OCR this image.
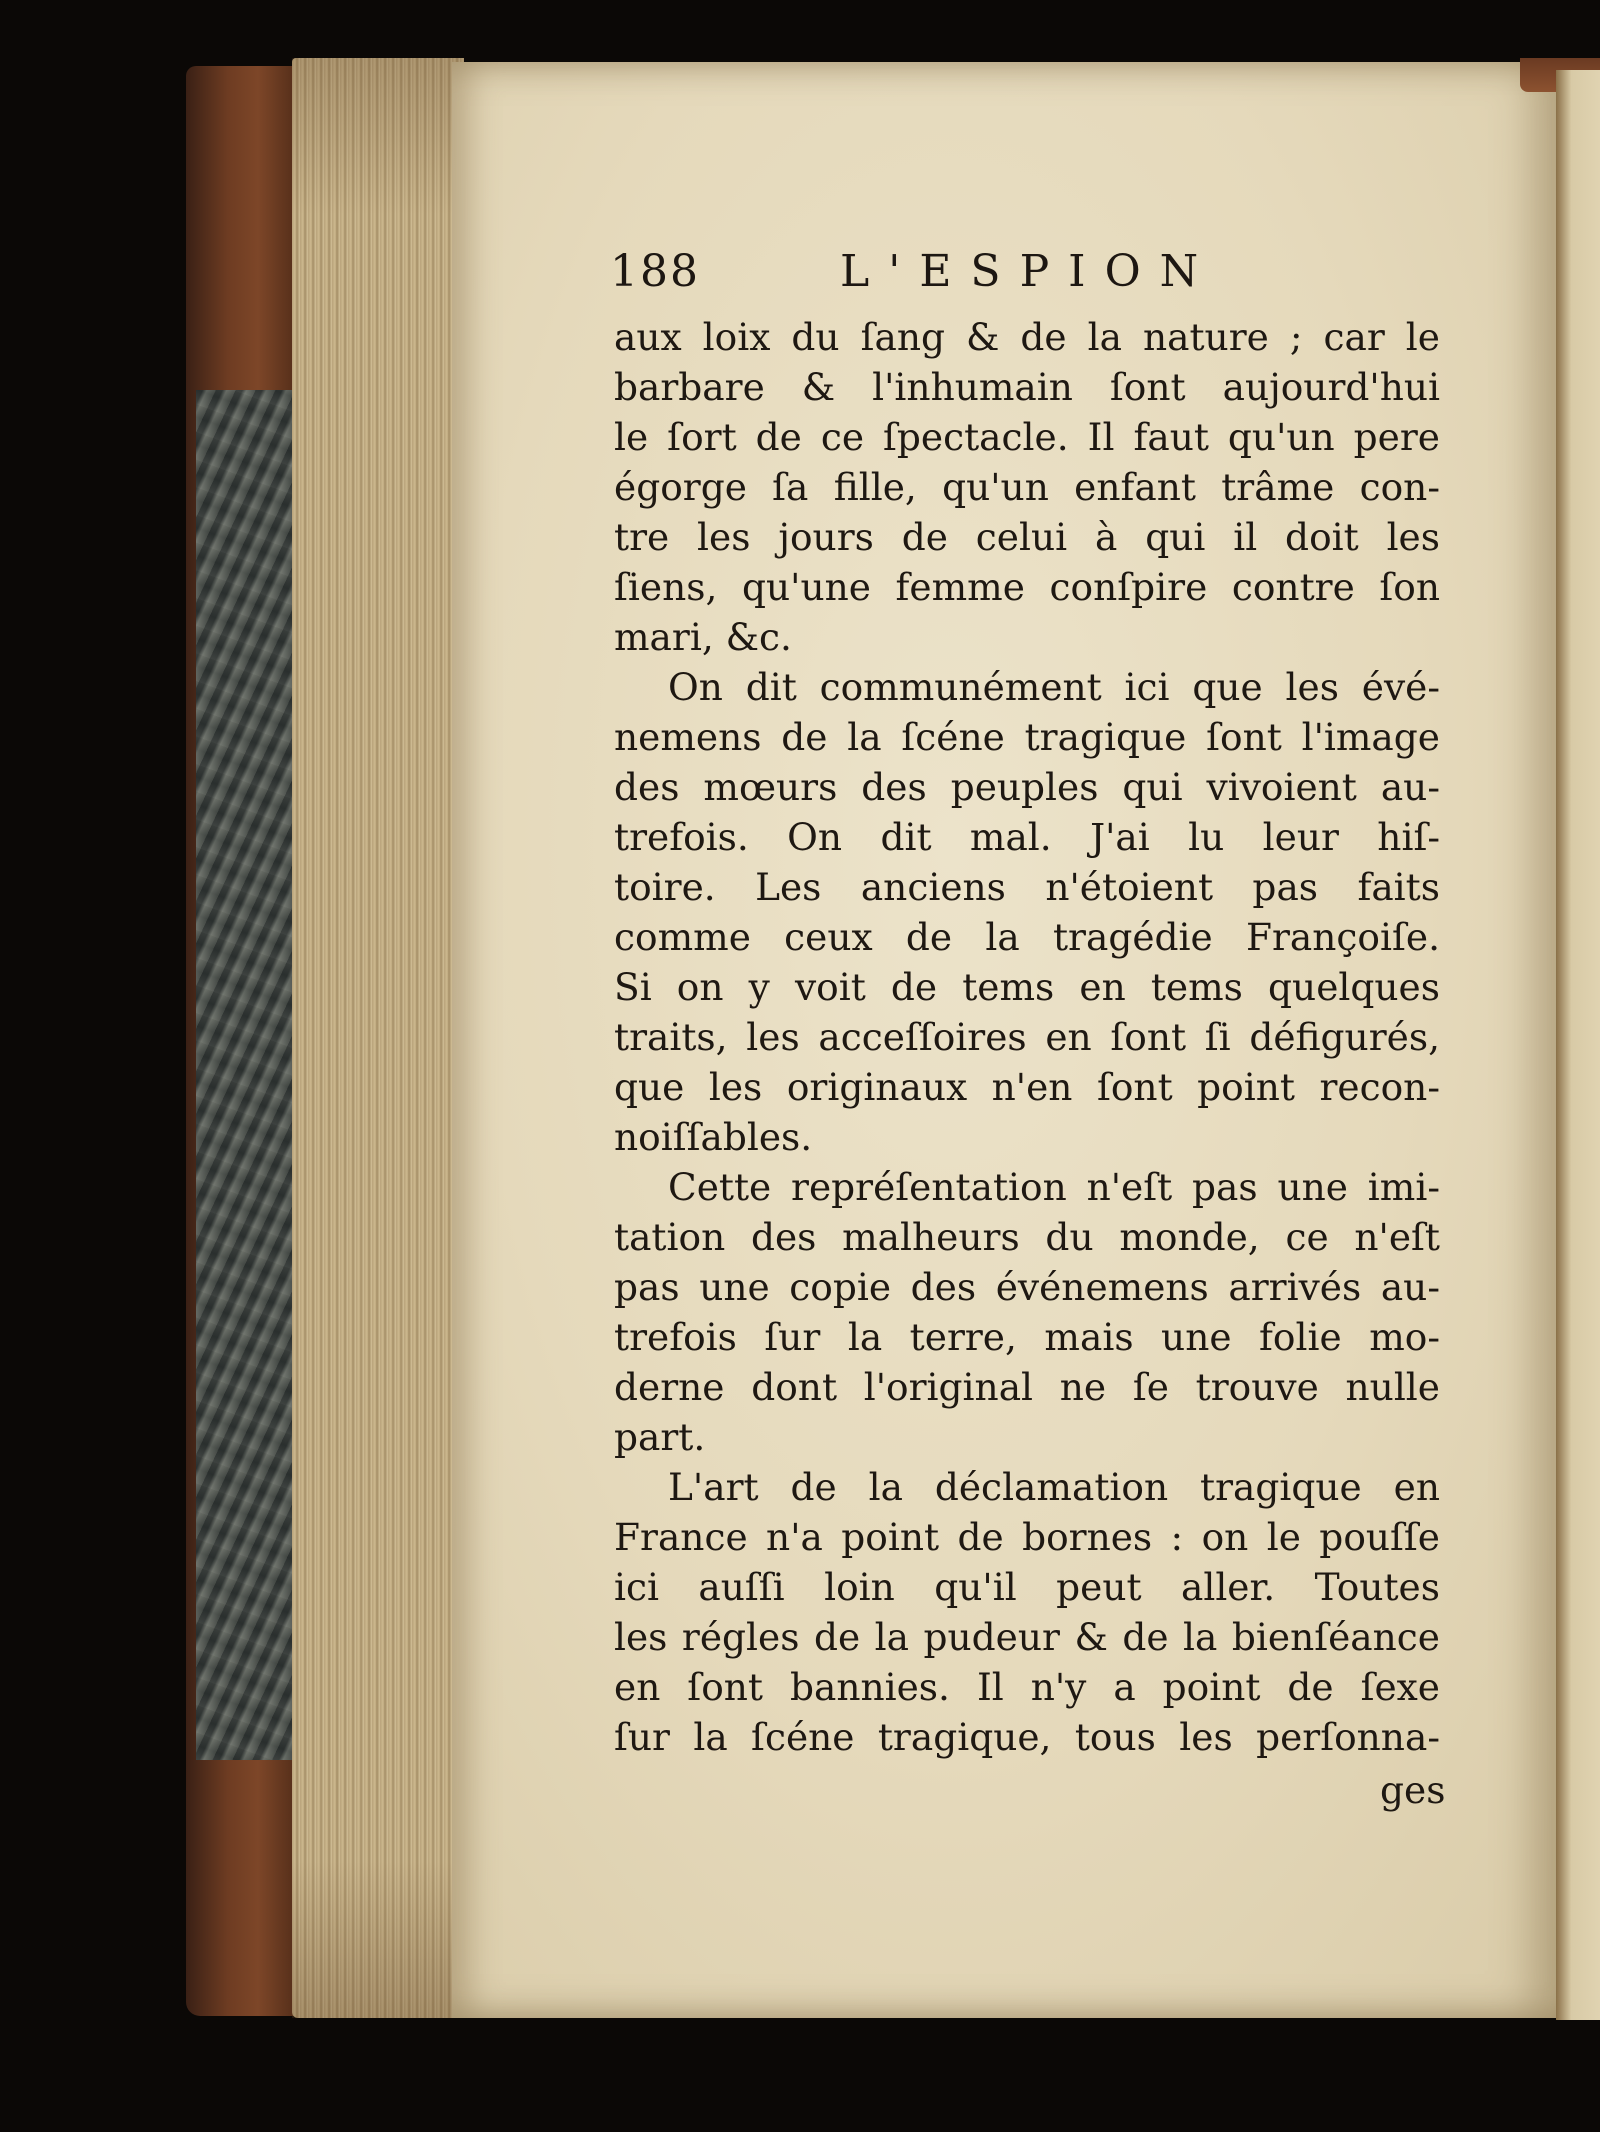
188	L'ESPION
aux loix du ſang & de la nature ; car le
barbare & l'inhumain ſont aujourd'hui
le ſort de ce ſpectacle. Il faut qu'un pere
égorge ſa fille, qu'un enfant trâme con-
tre les jours de celui à qui il doit les
ſiens, qu'une femme conſpire contre ſon
mari, &c.
On dit communément ici que les évé-
nemens de la ſcéne tragique ſont l'image
des mœurs des peuples qui vivoient au-
trefois. On dit mal. J'ai lu leur hiſ-
toire. Les anciens n'étoient pas faits
comme ceux de la tragédie Françoiſe.
Si on y voit de tems en tems quelques
traits, les acceſſoires en ſont ſi défigurés,
que les originaux n'en ſont point recon-
noiſſables.
Cette repréſentation n'eſt pas une imi-
tation des malheurs du monde, ce n'eſt
pas une copie des événemens arrivés au-
trefois ſur la terre, mais une folie mo-
derne dont l'original ne ſe trouve nulle
part.
L'art de la déclamation tragique en
France n'a point de bornes : on le pouſſe
ici auſſi loin qu'il peut aller. Toutes
les régles de la pudeur & de la bienſéance
en ſont bannies. Il n'y a point de ſexe
ſur la ſcéne tragique, tous les perſonna-
ges
